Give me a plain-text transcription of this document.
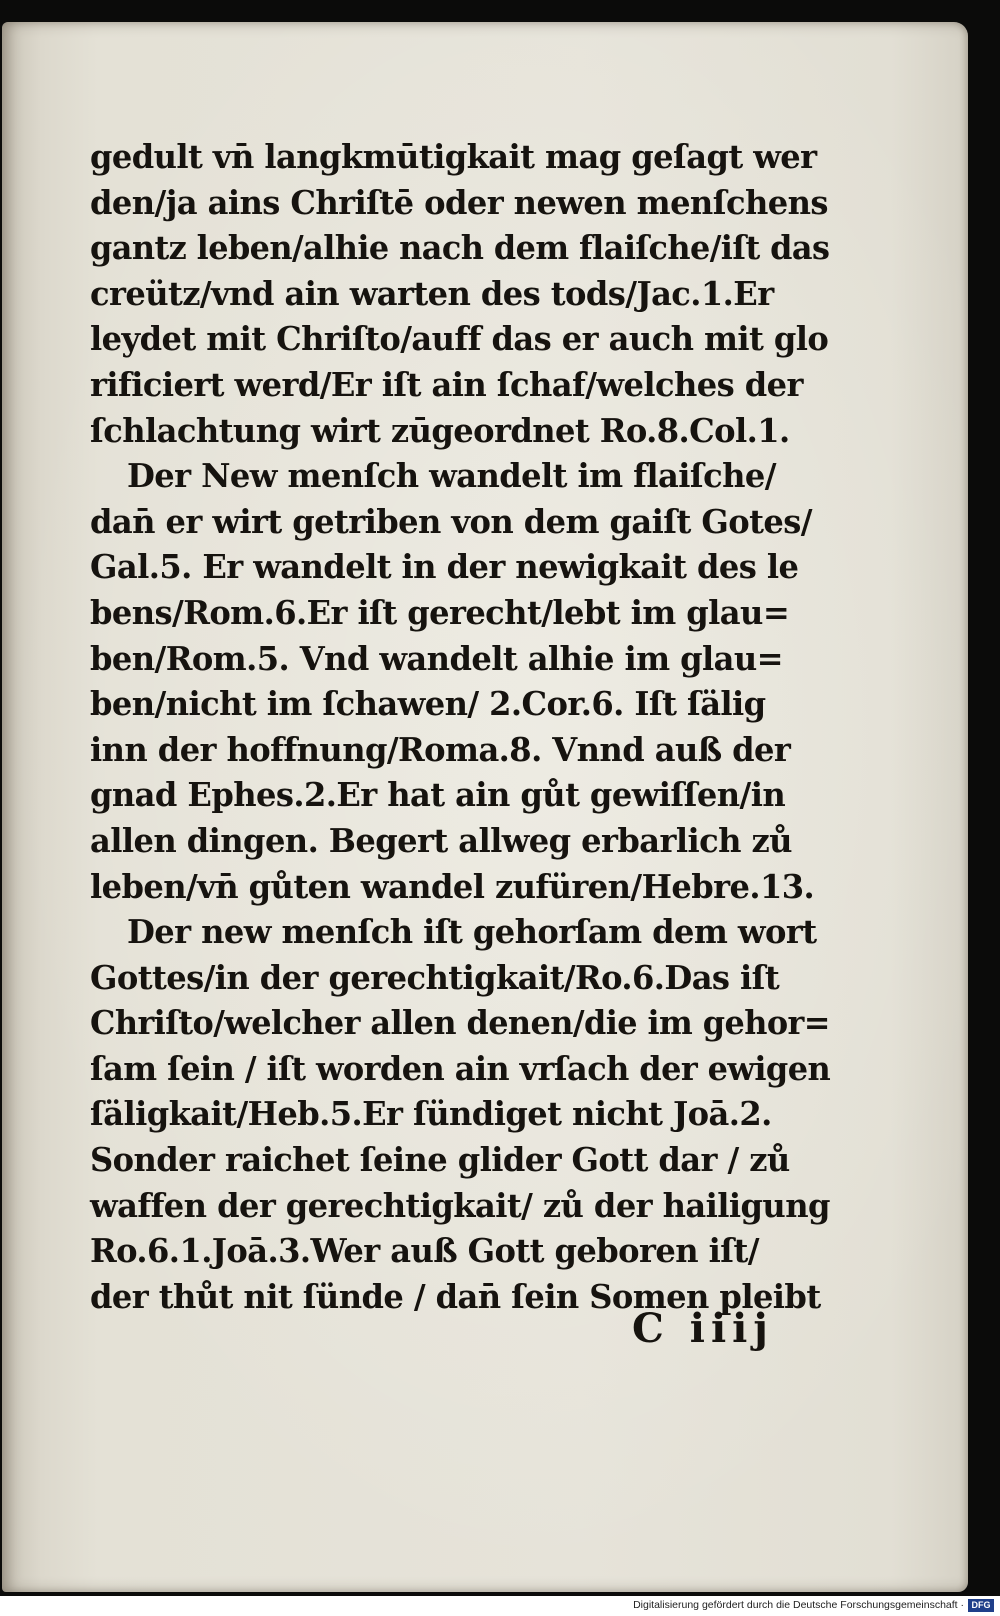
gedult vn̄ langkmūtigkait mag geſagt wer
den/ja ains Chriſtē oder newen menſchens
gantz leben/alhie nach dem flaiſche/iſt das
creütz/vnd ain warten des tods/Jac.1.Er
leydet mit Chriſto/auff das er auch mit glo
rificiert werd/Er iſt ain ſchaf/welches der
ſchlachtung wirt zūgeordnet Ro.8.Col.1.
Der New menſch wandelt im flaiſche/
dan̄ er wirt getriben von dem gaiſt Gotes/
Gal.5. Er wandelt in der newigkait des le
bens/Rom.6.Er iſt gerecht/lebt im glau=
ben/Rom.5. Vnd wandelt alhie im glau=
ben/nicht im ſchawen/ 2.Cor.6. Iſt ſälig
inn der hoffnung/Roma.8. Vnnd auß der
gnad Ephes.2.Er hat ain gůt gewiſſen/in
allen dingen. Begert allweg erbarlich zů
leben/vn̄ gůten wandel zufüren/Hebre.13.
Der new menſch iſt gehorſam dem wort
Gottes/in der gerechtigkait/Ro.6.Das iſt
Chriſto/welcher allen denen/die im gehor=
ſam ſein / iſt worden ain vrſach der ewigen
ſäligkait/Heb.5.Er ſündiget nicht Joā.2.
Sonder raichet ſeine glider Gott dar / zů
waffen der gerechtigkait/ zů der hailigung
Ro.6.1.Joā.3.Wer auß Gott geboren iſt/
der thůt nit ſünde / dan̄ ſein Somen pleibt
C iiij
Digitalisierung gefördert durch die Deutsche Forschungsgemeinschaft · DFG
